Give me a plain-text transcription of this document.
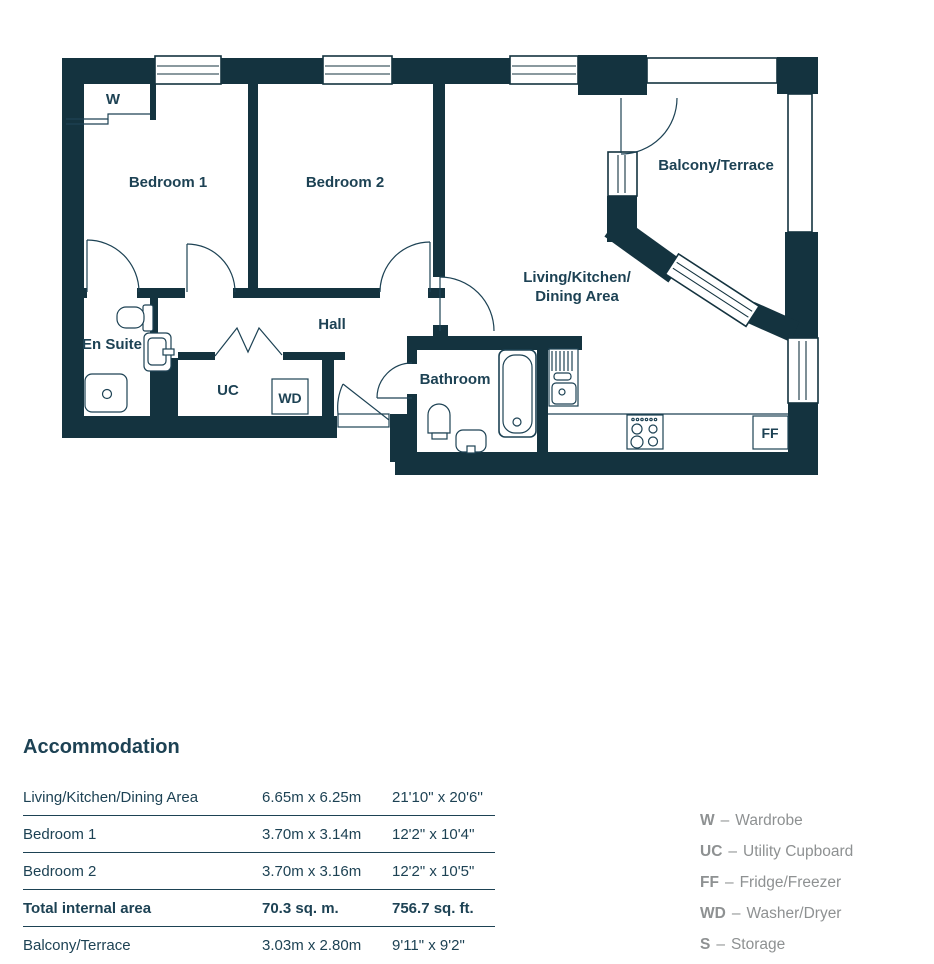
W
Bedroom 1	Bedroom 2
Balcony/Terrace
Living/Kitchen/
Dining Area
En Suite
Hall
UC	WD
Bathroom
FF
Accommodation
Living/Kitchen/Dining Area	6.65m x 6.25m	21'10" x 20'6''
Bedroom 1	3.70m x 3.14m	12'2" x 10'4''
Bedroom 2	3.70m x 3.16m	12'2" x 10'5"
Total internal area	70.3 sq. m.	756.7 sq. ft.
Balcony/Terrace	3.03m x 2.80m	9'11" x 9'2"
W – Wardrobe
UC – Utility Cupboard
FF – Fridge/Freezer
WD – Washer/Dryer
S – Storage
